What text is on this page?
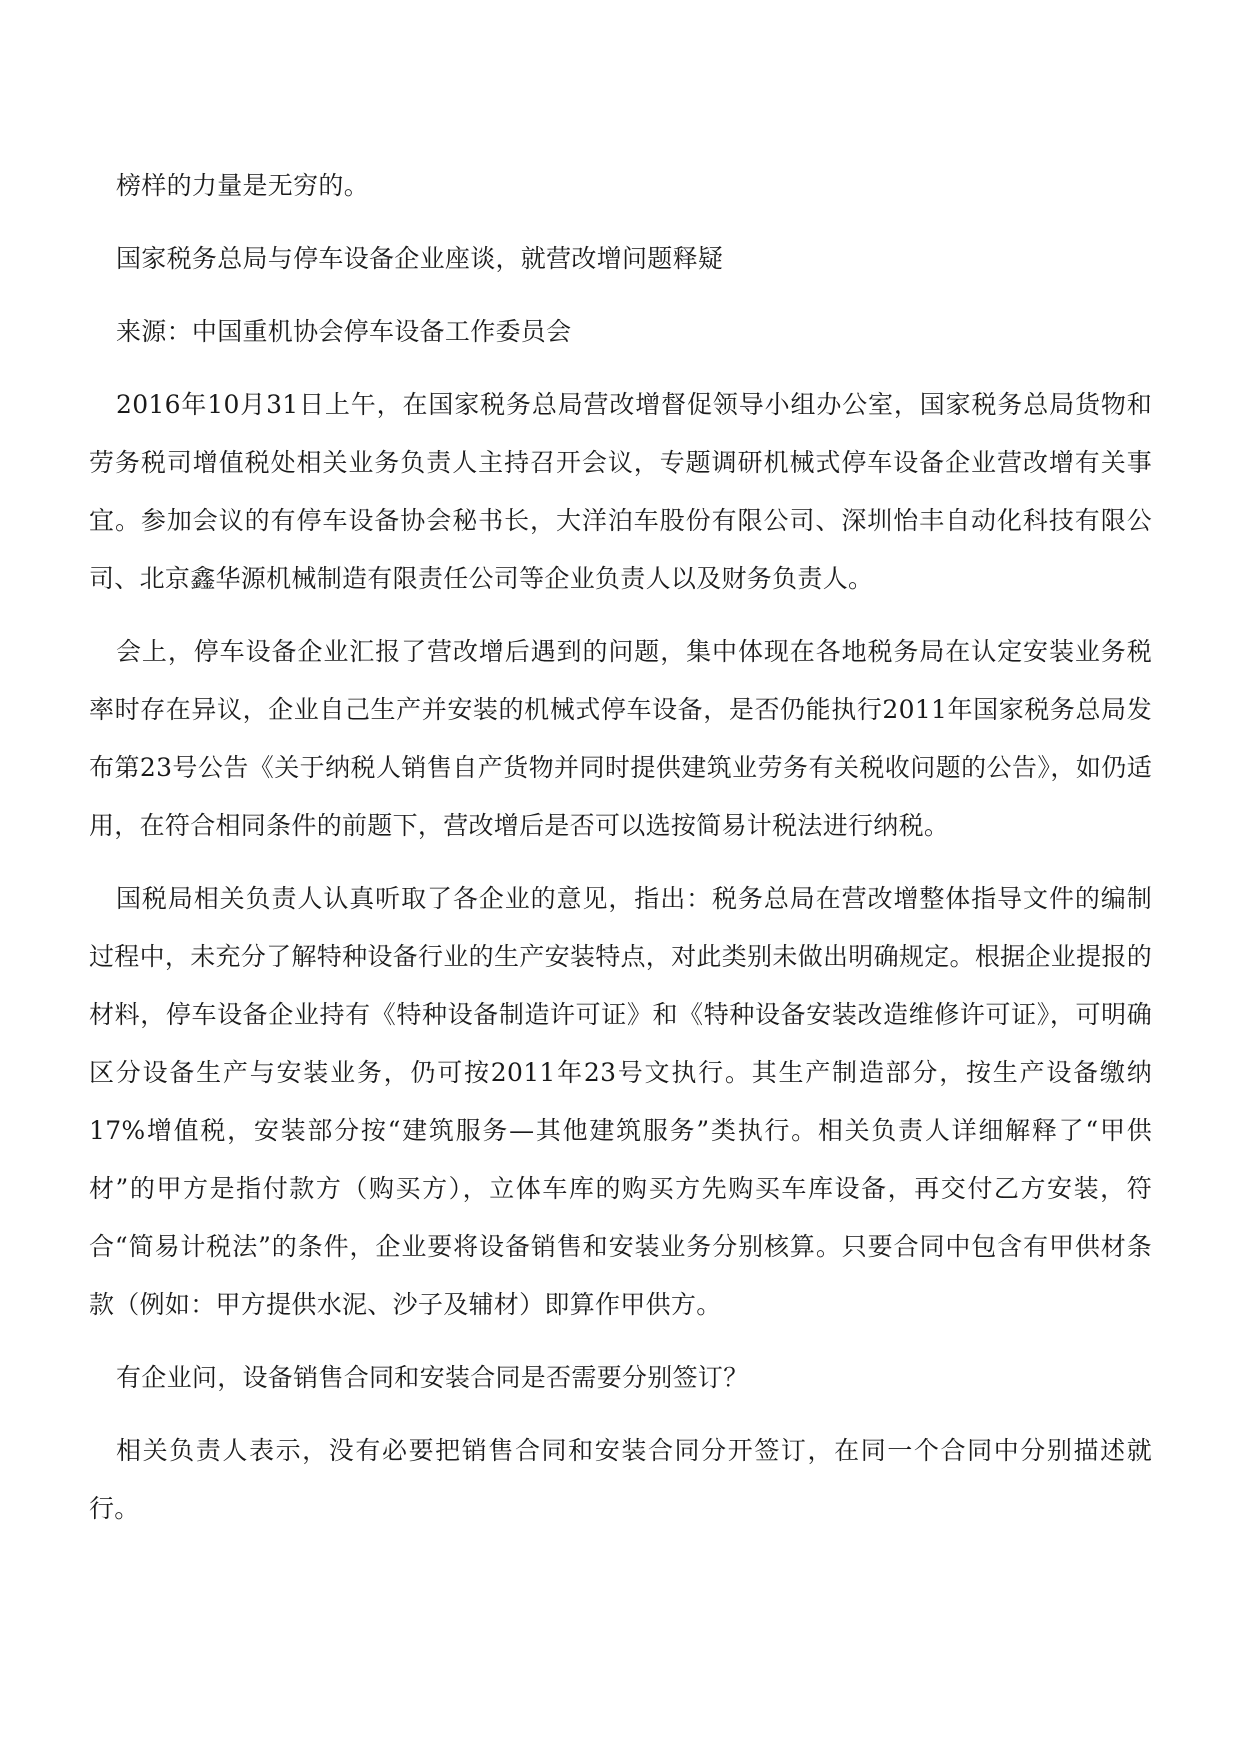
榜样的力量是无穷的。

国家税务总局与停车设备企业座谈，就营改增问题释疑

来源：中国重机协会停车设备工作委员会

2016年10月31日上午，在国家税务总局营改增督促领导小组办公室，国家税务总局货物和劳务税司增值税处相关业务负责人主持召开会议，专题调研机械式停车设备企业营改增有关事宜。参加会议的有停车设备协会秘书长，大洋泊车股份有限公司、深圳怡丰自动化科技有限公司、北京鑫华源机械制造有限责任公司等企业负责人以及财务负责人。

会上，停车设备企业汇报了营改增后遇到的问题，集中体现在各地税务局在认定安装业务税率时存在异议，企业自己生产并安装的机械式停车设备，是否仍能执行2011年国家税务总局发布第23号公告《关于纳税人销售自产货物并同时提供建筑业劳务有关税收问题的公告》，如仍适用，在符合相同条件的前题下，营改增后是否可以选按简易计税法进行纳税。

国税局相关负责人认真听取了各企业的意见，指出：税务总局在营改增整体指导文件的编制过程中，未充分了解特种设备行业的生产安装特点，对此类别未做出明确规定。根据企业提报的材料，停车设备企业持有《特种设备制造许可证》和《特种设备安装改造维修许可证》，可明确区分设备生产与安装业务，仍可按2011年23号文执行。其生产制造部分，按生产设备缴纳17%增值税，安装部分按“建筑服务—其他建筑服务”类执行。相关负责人详细解释了“甲供材”的甲方是指付款方（购买方），立体车库的购买方先购买车库设备，再交付乙方安装，符合“简易计税法”的条件，企业要将设备销售和安装业务分别核算。只要合同中包含有甲供材条款（例如：甲方提供水泥、沙子及辅材）即算作甲供方。

有企业问，设备销售合同和安装合同是否需要分别签订？

相关负责人表示，没有必要把销售合同和安装合同分开签订，在同一个合同中分别描述就行。
